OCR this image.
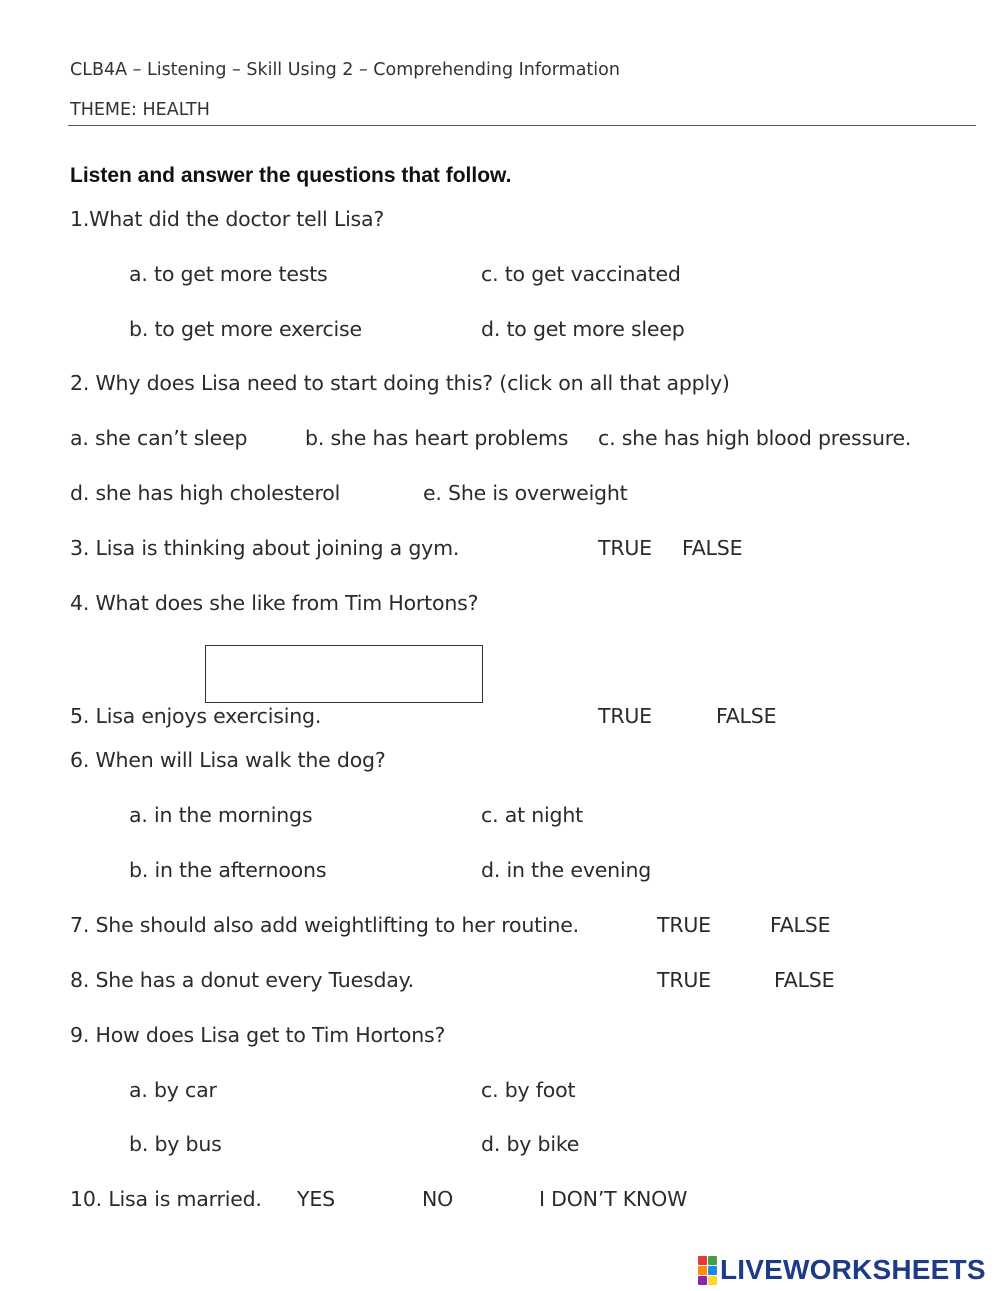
CLB4A – Listening – Skill Using 2 – Comprehending Information
THEME: HEALTH
Listen and answer the questions that follow.
1.What did the doctor tell Lisa?
a. to get more tests
b. to get more exercise
c. to get vaccinated
d. to get more sleep
2. Why does Lisa need to start doing this? (click on all that apply)
a. she can’t sleep	b. she has heart problems c. she has high blood pressure.
d. she has high cholesterol	e. She is overweight
3. Lisa is thinking about joining a gym.	TRUE FALSE
4. What does she like from Tim Hortons?
5. Lisa enjoys exercising.	TRUE	FALSE
6. When will Lisa walk the dog?
a. in the mornings
b. in the afternoons
c. at night
d. in the evening
7. She should also add weightlifting to her routine.	TRUE	FALSE
8. She has a donut every Tuesday.	TRUE	FALSE
9. How does Lisa get to Tim Hortons?
a. by car
b. by bus
c. by foot
d. by bike
10. Lisa is married. YES	NO	I DON’T KNOW
LIVEWORKSHEETS
